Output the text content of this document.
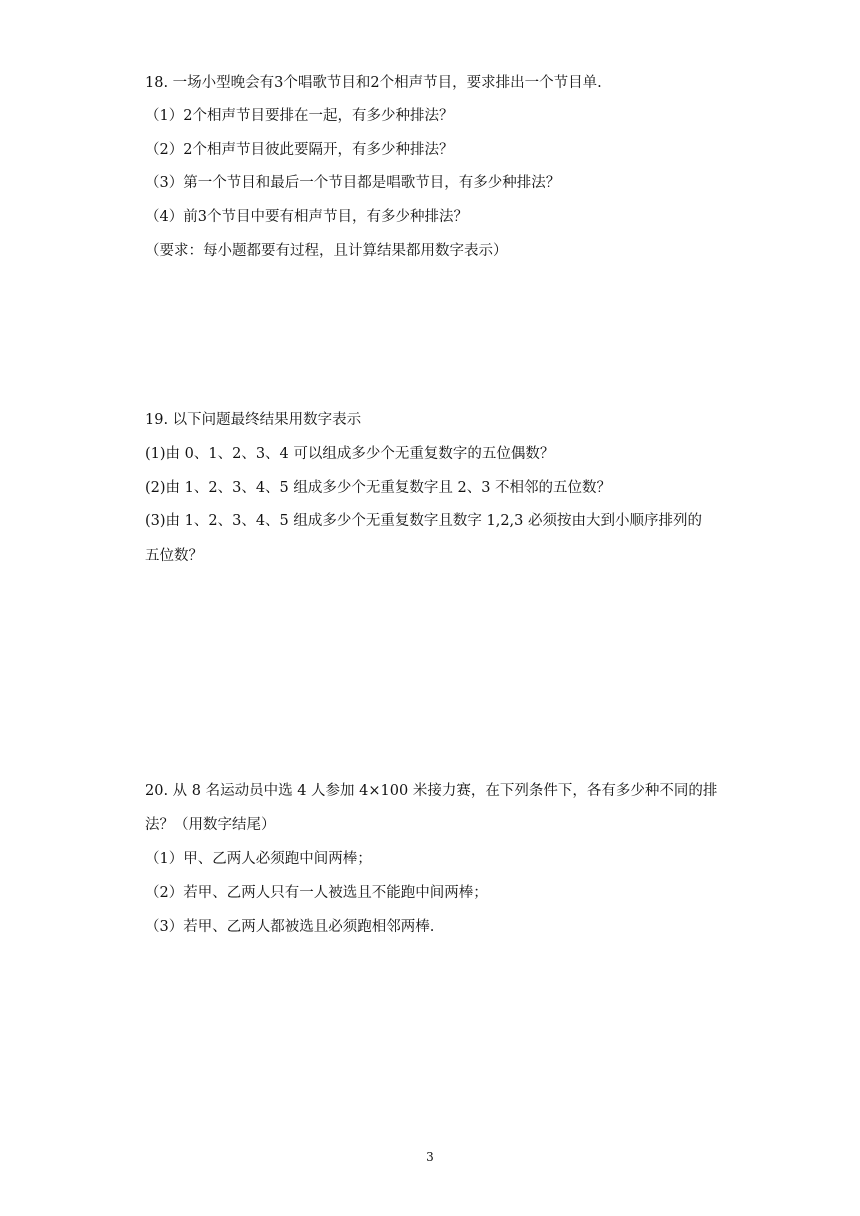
18. 一场小型晚会有3个唱歌节目和2个相声节目，要求排出一个节目单.
（1）2个相声节目要排在一起，有多少种排法？
（2）2个相声节目彼此要隔开，有多少种排法？
（3）第一个节目和最后一个节目都是唱歌节目，有多少种排法？
（4）前3个节目中要有相声节目，有多少种排法？
（要求：每小题都要有过程，且计算结果都用数字表示）
19. 以下问题最终结果用数字表示
(1)由 0、1、2、3、4 可以组成多少个无重复数字的五位偶数？
(2)由 1、2、3、4、5 组成多少个无重复数字且 2、3 不相邻的五位数？
(3)由 1、2、3、4、5 组成多少个无重复数字且数字 1,2,3 必须按由大到小顺序排列的
五位数？
20. 从 8 名运动员中选 4 人参加 4×100 米接力赛，在下列条件下，各有多少种不同的排
法？（用数字结尾）
（1）甲、乙两人必须跑中间两棒；
（2）若甲、乙两人只有一人被选且不能跑中间两棒；
（3）若甲、乙两人都被选且必须跑相邻两棒.
3
